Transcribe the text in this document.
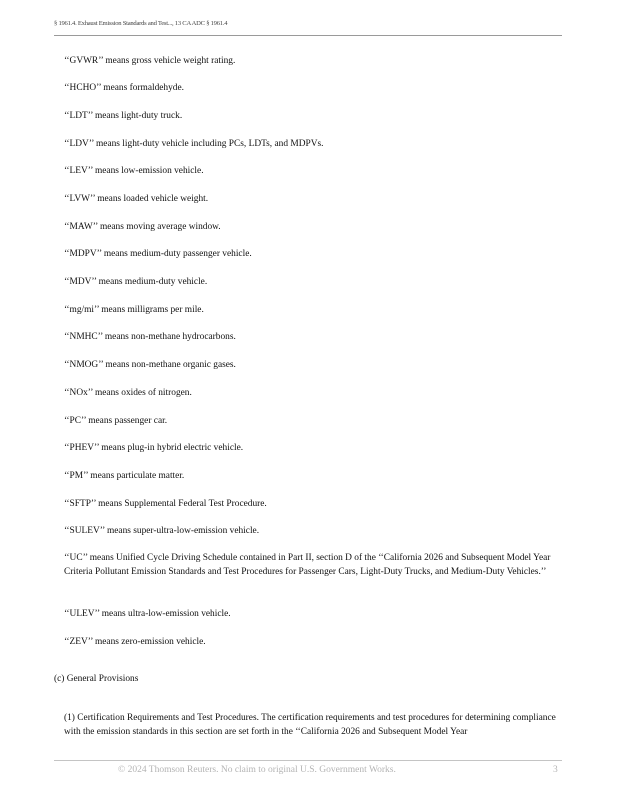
§ 1961.4. Exhaust Emission Standards and Test..., 13 CA ADC § 1961.4

‘‘GVWR’’ means gross vehicle weight rating.

‘‘HCHO’’ means formaldehyde.

‘‘LDT’’ means light-duty truck.

‘‘LDV’’ means light-duty vehicle including PCs, LDTs, and MDPVs.

‘‘LEV’’ means low-emission vehicle.

‘‘LVW’’ means loaded vehicle weight.

‘‘MAW’’ means moving average window.

‘‘MDPV’’ means medium-duty passenger vehicle.

‘‘MDV’’ means medium-duty vehicle.

‘‘mg/mi’’ means milligrams per mile.

‘‘NMHC’’ means non-methane hydrocarbons.

‘‘NMOG’’ means non-methane organic gases.

‘‘NOx’’ means oxides of nitrogen.

‘‘PC’’ means passenger car.

‘‘PHEV’’ means plug-in hybrid electric vehicle.

‘‘PM’’ means particulate matter.

‘‘SFTP’’ means Supplemental Federal Test Procedure.

‘‘SULEV’’ means super-ultra-low-emission vehicle.

‘‘UC’’ means Unified Cycle Driving Schedule contained in Part II, section D of the ‘‘California 2026 and Subsequent Model Year Criteria Pollutant Emission Standards and Test Procedures for Passenger Cars, Light-Duty Trucks, and Medium-Duty Vehicles.’’

‘‘ULEV’’ means ultra-low-emission vehicle.

‘‘ZEV’’ means zero-emission vehicle.

(c) General Provisions

(1) Certification Requirements and Test Procedures. The certification requirements and test procedures for determining compliance with the emission standards in this section are set forth in the ‘‘California 2026 and Subsequent Model Year

© 2024 Thomson Reuters. No claim to original U.S. Government Works.	3
